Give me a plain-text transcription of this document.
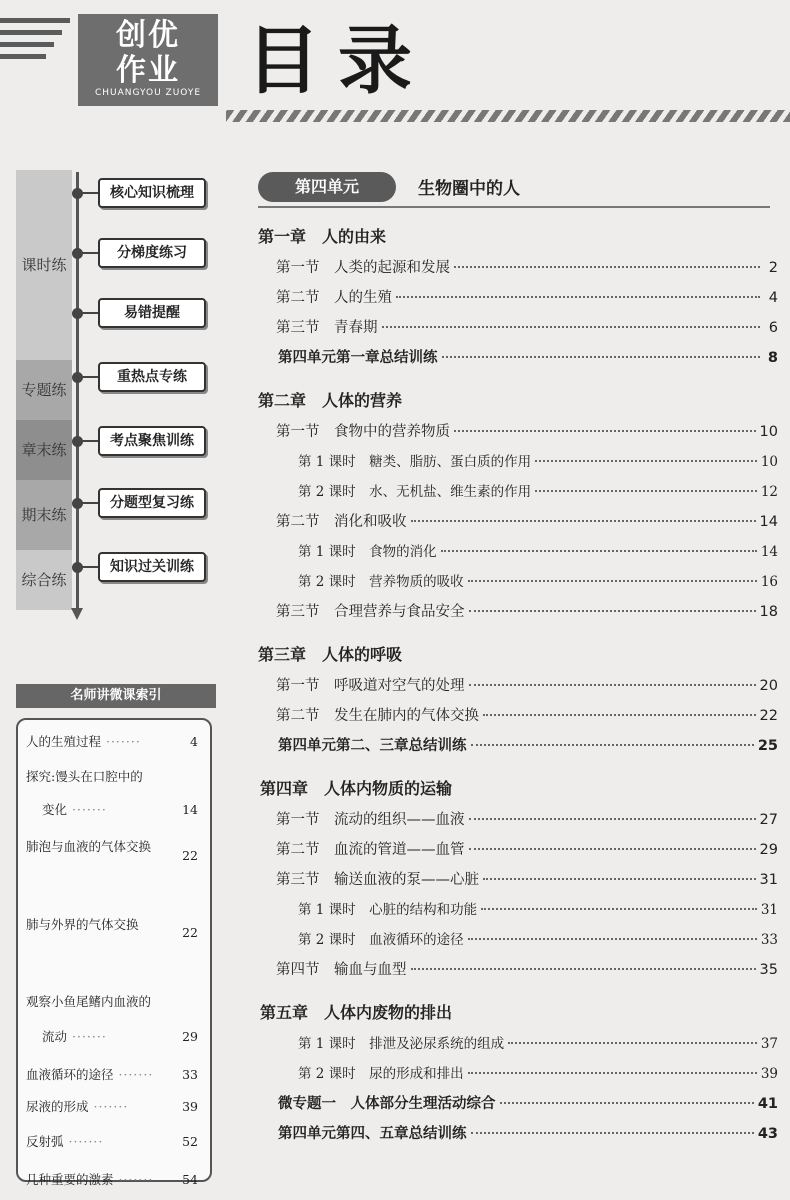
创优
作业
CHUANGYOU ZUOYE 目录
课时练
专题练
章末练
期末练
综合练
核心知识梳理
分梯度练习
易错提醒
重热点专练
考点聚焦训练
分题型复习练
知识过关训练
名师讲微课索引
人的生殖过程 ·······	4
探究:馒头在口腔中的
变化 ·······	14
肺泡与血液的气体交换
22
肺与外界的气体交换
22
观察小鱼尾鳍内血液的
流动 ·······	29
血液循环的途径 ······· 33
尿液的形成 ·······	39
反射弧 ·······	52
几种重要的激素 ······· 54
第四单元	生物圈中的人
第一章　人的由来
第一节　人类的起源和发展	2
第二节　人的生殖	4
第三节　青春期	6
第四单元第一章总结训练	8
第二章　人体的营养
第一节　食物中的营养物质	10
第 1 课时　糖类、脂肪、蛋白质的作用	10
第 2 课时　水、无机盐、维生素的作用	12
第二节　消化和吸收	14
第 1 课时　食物的消化	14
第 2 课时　营养物质的吸收	16
第三节　合理营养与食品安全	18
第三章　人体的呼吸
第一节　呼吸道对空气的处理	20
第二节　发生在肺内的气体交换	22
第四单元第二、三章总结训练	25
第四章　人体内物质的运输
第一节　流动的组织——血液	27
第二节　血流的管道——血管	29
第三节　输送血液的泵——心脏	31
第 1 课时　心脏的结构和功能	31
第 2 课时　血液循环的途径	33
第四节　输血与血型	35
第五章　人体内废物的排出
第 1 课时　排泄及泌尿系统的组成	37
第 2 课时　尿的形成和排出	39
微专题一　人体部分生理活动综合	41
第四单元第四、五章总结训练	43
